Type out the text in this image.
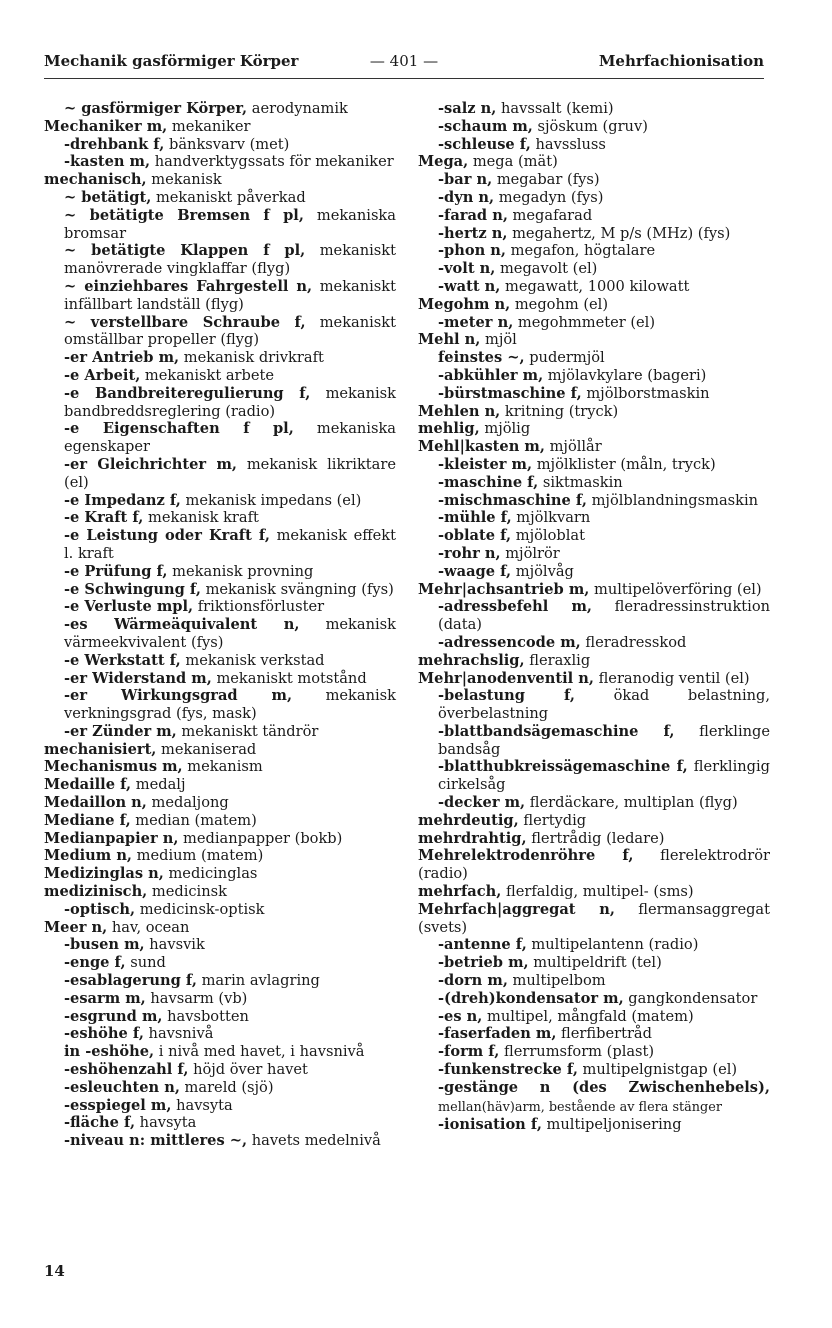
Mechanik gasförmiger Körper	— 401 —	Mehrfachionisation

~ gasförmiger Körper, aerodynamik

Mechaniker m, mekaniker

-drehbank f, bänksvarv (met)

-kasten m, handverktygssats för mekaniker

mechanisch, mekanisk

~ betätigt, mekaniskt påverkad

~ betätigte Bremsen f pl, mekaniska bromsar

~ betätigte Klappen f pl, mekaniskt manövrerade vingklaffar (flyg)

~ einziehbares Fahrgestell n, mekaniskt infällbart landställ (flyg)

~ verstellbare Schraube f, mekaniskt omställbar propeller (flyg)

-er Antrieb m, mekanisk drivkraft

-e Arbeit, mekaniskt arbete

-e Bandbreiteregulierung f, mekanisk bandbreddsreglering (radio)

-e Eigenschaften f pl, mekaniska egenskaper

-er Gleichrichter m, mekanisk likriktare (el)

-e Impedanz f, mekanisk impedans (el)

-e Kraft f, mekanisk kraft

-e Leistung oder Kraft f, mekanisk effekt l. kraft

-e Prüfung f, mekanisk provning

-e Schwingung f, mekanisk svängning (fys)

-e Verluste mpl, friktionsförluster

-es Wärmeäquivalent n, mekanisk värmeekvivalent (fys)

-e Werkstatt f, mekanisk verkstad

-er Widerstand m, mekaniskt motstånd

-er Wirkungsgrad m, mekanisk verkningsgrad (fys, mask)

-er Zünder m, mekaniskt tändrör

mechanisiert, mekaniserad

Mechanismus m, mekanism

Medaille f, medalj

Medaillon n, medaljong

Mediane f, median (matem)

Medianpapier n, medianpapper (bokb)

Medium n, medium (matem)

Medizinglas n, medicinglas

medizinisch, medicinsk

-optisch, medicinsk-optisk

Meer n, hav, ocean

-busen m, havsvik

-enge f, sund

-esablagerung f, marin avlagring

-esarm m, havsarm (vb)

-esgrund m, havsbotten

-eshöhe f, havsnivå

in -eshöhe, i nivå med havet, i havsnivå

-eshöhenzahl f, höjd över havet

-esleuchten n, mareld (sjö)

-esspiegel m, havsyta

-fläche f, havsyta

-niveau n: mittleres ~, havets medelnivå

-salz n, havssalt (kemi)

-schaum m, sjöskum (gruv)

-schleuse f, havssluss

Mega, mega (mät)

-bar n, megabar (fys)

-dyn n, megadyn (fys)

-farad n, megafarad

-hertz n, megahertz, M p/s (MHz) (fys)

-phon n, megafon, högtalare

-volt n, megavolt (el)

-watt n, megawatt, 1000 kilowatt

Megohm n, megohm (el)

-meter n, megohmmeter (el)

Mehl n, mjöl

feinstes ~, pudermjöl

-abkühler m, mjölavkylare (bageri)

-bürstmaschine f, mjölborstmaskin

Mehlen n, kritning (tryck)

mehlig, mjölig

Mehl|kasten m, mjöllår

-kleister m, mjölklister (måln, tryck)

-maschine f, siktmaskin

-mischmaschine f, mjölblandningsmaskin

-mühle f, mjölkvarn

-oblate f, mjöloblat

-rohr n, mjölrör

-waage f, mjölvåg

Mehr|achsantrieb m, multipelöverföring (el)

-adressbefehl m, fleradressinstruktion (data)

-adressencode m, fleradresskod

mehrachslig, fleraxlig

Mehr|anodenventil n, fleranodig ventil (el)

-belastung f, ökad belastning, överbelastning

-blattbandsägemaschine f, flerklinge bandsåg

-blatthubkreissägemaschine f, flerklingig cirkelsåg

-decker m, flerdäckare, multiplan (flyg)

mehrdeutig, flertydig

mehrdrahtig, flertrådig (ledare)

Mehrelektrodenröhre f, flerelektrodrör (radio)

mehrfach, flerfaldig, multipel- (sms)

Mehrfach|aggregat n, flermansaggregat (svets)

-antenne f, multipelantenn (radio)

-betrieb m, multipeldrift (tel)

-dorn m, multipelbom

-(dreh)kondensator m, gangkondensator

-es n, multipel, mångfald (matem)

-faserfaden m, flerfibertråd

-form f, flerrumsform (plast)

-funkenstrecke f, multipelgnistgap (el)

-gestänge n (des Zwischenhebels), mellan(häv)arm, bestående av flera stänger

-ionisation f, multipeljonisering

14
